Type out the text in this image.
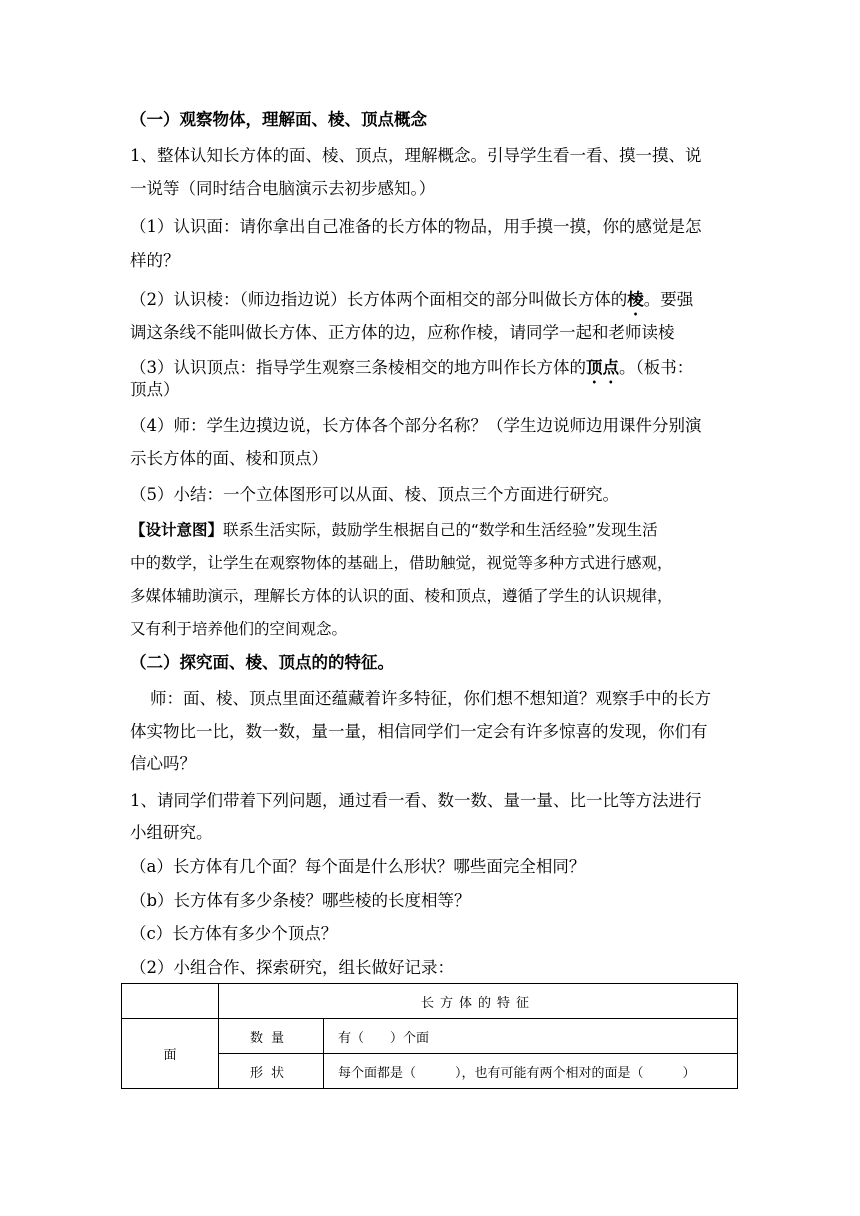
（一）观察物体，理解面、棱、顶点概念
1、整体认知长方体的面、棱、顶点，理解概念。引导学生看一看、摸一摸、说
一说等（同时结合电脑演示去初步感知。）
（1）认识面：请你拿出自己准备的长方体的物品，用手摸一摸，你的感觉是怎
样的？
（2）认识棱：（师边指边说）长方体两个面相交的部分叫做长方体的棱。要强
调这条线不能叫做长方体、正方体的边，应称作棱，请同学一起和老师读棱
（3）认识顶点：指导学生观察三条棱相交的地方叫作长方体的顶点。（板书：
顶点）
（4）师：学生边摸边说，长方体各个部分名称？（学生边说师边用课件分别演
示长方体的面、棱和顶点）
（5）小结：一个立体图形可以从面、棱、顶点三个方面进行研究。
【设计意图】联系生活实际，鼓励学生根据自己的“数学和生活经验”发现生活
中的数学，让学生在观察物体的基础上，借助触觉，视觉等多种方式进行感观，
多媒体辅助演示，理解长方体的认识的面、棱和顶点，遵循了学生的认识规律，
又有利于培养他们的空间观念。
（二）探究面、棱、顶点的的特征。
师：面、棱、顶点里面还蕴藏着许多特征，你们想不想知道？观察手中的长方
体实物比一比，数一数，量一量，相信同学们一定会有许多惊喜的发现，你们有
信心吗？
1、请同学们带着下列问题，通过看一看、数一数、量一量、比一比等方法进行
小组研究。
（a）长方体有几个面？每个面是什么形状？哪些面完全相同？
（b）长方体有多少条棱？哪些棱的长度相等？
（c）长方体有多少个顶点？
（2）小组合作、探索研究，组长做好记录：
	长方体的特征	
面	数量	有（　　）个面
	形状	每个面都是（　　　），也有可能有两个相对的面是（　　　）
